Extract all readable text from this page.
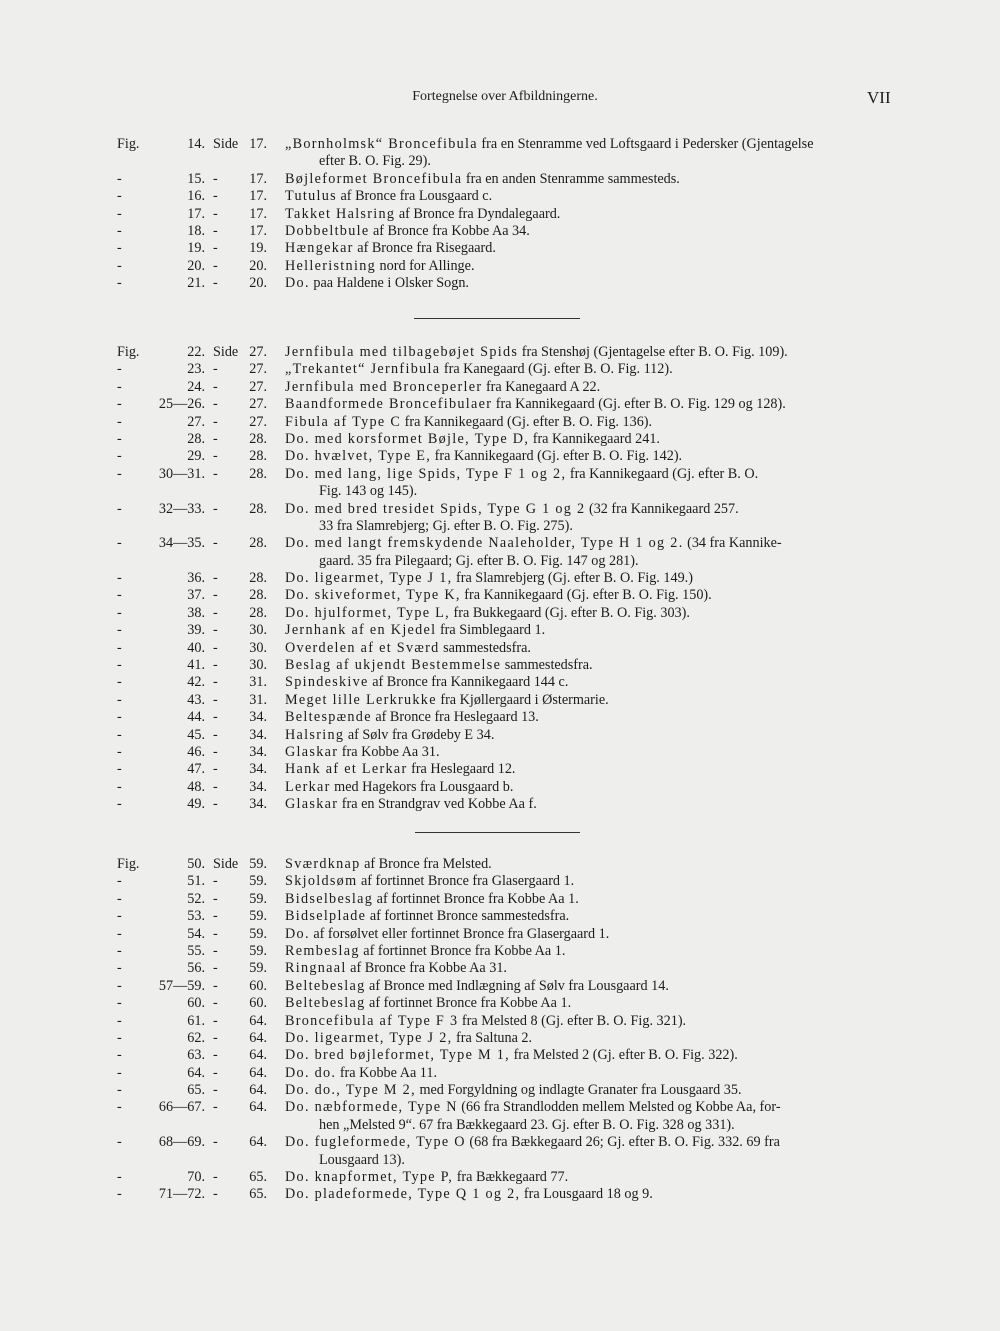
Fortegnelse over Afbildningerne.	VII
Fig.	14. Side 17. „Bornholmsk“ Broncefibula fra en Stenramme ved Loftsgaard i Pedersker (Gjentagelse
efter B. O. Fig. 29).
-	15. - 17. Bøjleformet Broncefibula fra en anden Stenramme sammesteds.
-	16. - 17. Tutulus af Bronce fra Lousgaard c.
-	17. - 17. Takket Halsring af Bronce fra Dyndalegaard.
-	18. - 17. Dobbeltbule af Bronce fra Kobbe Aa 34.
-	19. - 19. Hængekar af Bronce fra Risegaard.
-	20. - 20. Helleristning nord for Allinge.
-	21. - 20. Do. paa Haldene i Olsker Sogn.
Fig.	22. Side 27. Jernfibula med tilbagebøjet Spids fra Stenshøj (Gjentagelse efter B. O. Fig. 109).
-	23. - 27. „Trekantet“ Jernfibula fra Kanegaard (Gj. efter B. O. Fig. 112).
-	24. - 27. Jernfibula med Bronceperler fra Kanegaard A 22.
-	25—26. - 27. Baandformede Broncefibulaer fra Kannikegaard (Gj. efter B. O. Fig. 129 og 128).
-	27. - 27. Fibula af Type C fra Kannikegaard (Gj. efter B. O. Fig. 136).
-	28. - 28. Do. med korsformet Bøjle, Type D, fra Kannikegaard 241.
-	29. - 28. Do. hvælvet, Type E, fra Kannikegaard (Gj. efter B. O. Fig. 142).
-	30—31. - 28. Do. med lang, lige Spids, Type F 1 og 2, fra Kannikegaard (Gj. efter B. O.
Fig. 143 og 145).
-	32—33. - 28. Do. med bred tresidet Spids, Type G 1 og 2 (32 fra Kannikegaard 257.
33 fra Slamrebjerg; Gj. efter B. O. Fig. 275).
-	34—35. - 28. Do. med langt fremskydende Naaleholder, Type H 1 og 2. (34 fra Kannike-
gaard. 35 fra Pilegaard; Gj. efter B. O. Fig. 147 og 281).
-	36. - 28. Do. ligearmet, Type J 1, fra Slamrebjerg (Gj. efter B. O. Fig. 149.)
-	37. - 28. Do. skiveformet, Type K, fra Kannikegaard (Gj. efter B. O. Fig. 150).
-	38. - 28. Do. hjulformet, Type L, fra Bukkegaard (Gj. efter B. O. Fig. 303).
-	39. - 30. Jernhank af en Kjedel fra Simblegaard 1.
-	40. - 30. Overdelen af et Sværd sammestedsfra.
-	41. - 30. Beslag af ukjendt Bestemmelse sammestedsfra.
-	42. - 31. Spindeskive af Bronce fra Kannikegaard 144 c.
-	43. - 31. Meget lille Lerkrukke fra Kjøllergaard i Østermarie.
-	44. - 34. Beltespænde af Bronce fra Heslegaard 13.
-	45. - 34. Halsring af Sølv fra Grødeby E 34.
-	46. - 34. Glaskar fra Kobbe Aa 31.
-	47. - 34. Hank af et Lerkar fra Heslegaard 12.
-	48. - 34. Lerkar med Hagekors fra Lousgaard b.
-	49. - 34. Glaskar fra en Strandgrav ved Kobbe Aa f.
Fig.	50. Side 59. Sværdknap af Bronce fra Melsted.
-	51. - 59. Skjoldsøm af fortinnet Bronce fra Glasergaard 1.
-	52. - 59. Bidselbeslag af fortinnet Bronce fra Kobbe Aa 1.
-	53. - 59. Bidselplade af fortinnet Bronce sammestedsfra.
-	54. - 59. Do. af forsølvet eller fortinnet Bronce fra Glasergaard 1.
-	55. - 59. Rembeslag af fortinnet Bronce fra Kobbe Aa 1.
-	56. - 59. Ringnaal af Bronce fra Kobbe Aa 31.
-	57—59. - 60. Beltebeslag af Bronce med Indlægning af Sølv fra Lousgaard 14.
-	60. - 60. Beltebeslag af fortinnet Bronce fra Kobbe Aa 1.
-	61. - 64. Broncefibula af Type F 3 fra Melsted 8 (Gj. efter B. O. Fig. 321).
-	62. - 64. Do. ligearmet, Type J 2, fra Saltuna 2.
-	63. - 64. Do. bred bøjleformet, Type M 1, fra Melsted 2 (Gj. efter B. O. Fig. 322).
-	64. - 64. Do. do. fra Kobbe Aa 11.
-	65. - 64. Do. do., Type M 2, med Forgyldning og indlagte Granater fra Lousgaard 35.
-	66—67. - 64. Do. næbformede, Type N (66 fra Strandlodden mellem Melsted og Kobbe Aa, for-
hen „Melsted 9“. 67 fra Bækkegaard 23. Gj. efter B. O. Fig. 328 og 331).
-	68—69. - 64. Do. fugleformede, Type O (68 fra Bækkegaard 26; Gj. efter B. O. Fig. 332. 69 fra
Lousgaard 13).
-	70. - 65. Do. knapformet, Type P, fra Bækkegaard 77.
-	71—72. - 65. Do. pladeformede, Type Q 1 og 2, fra Lousgaard 18 og 9.
